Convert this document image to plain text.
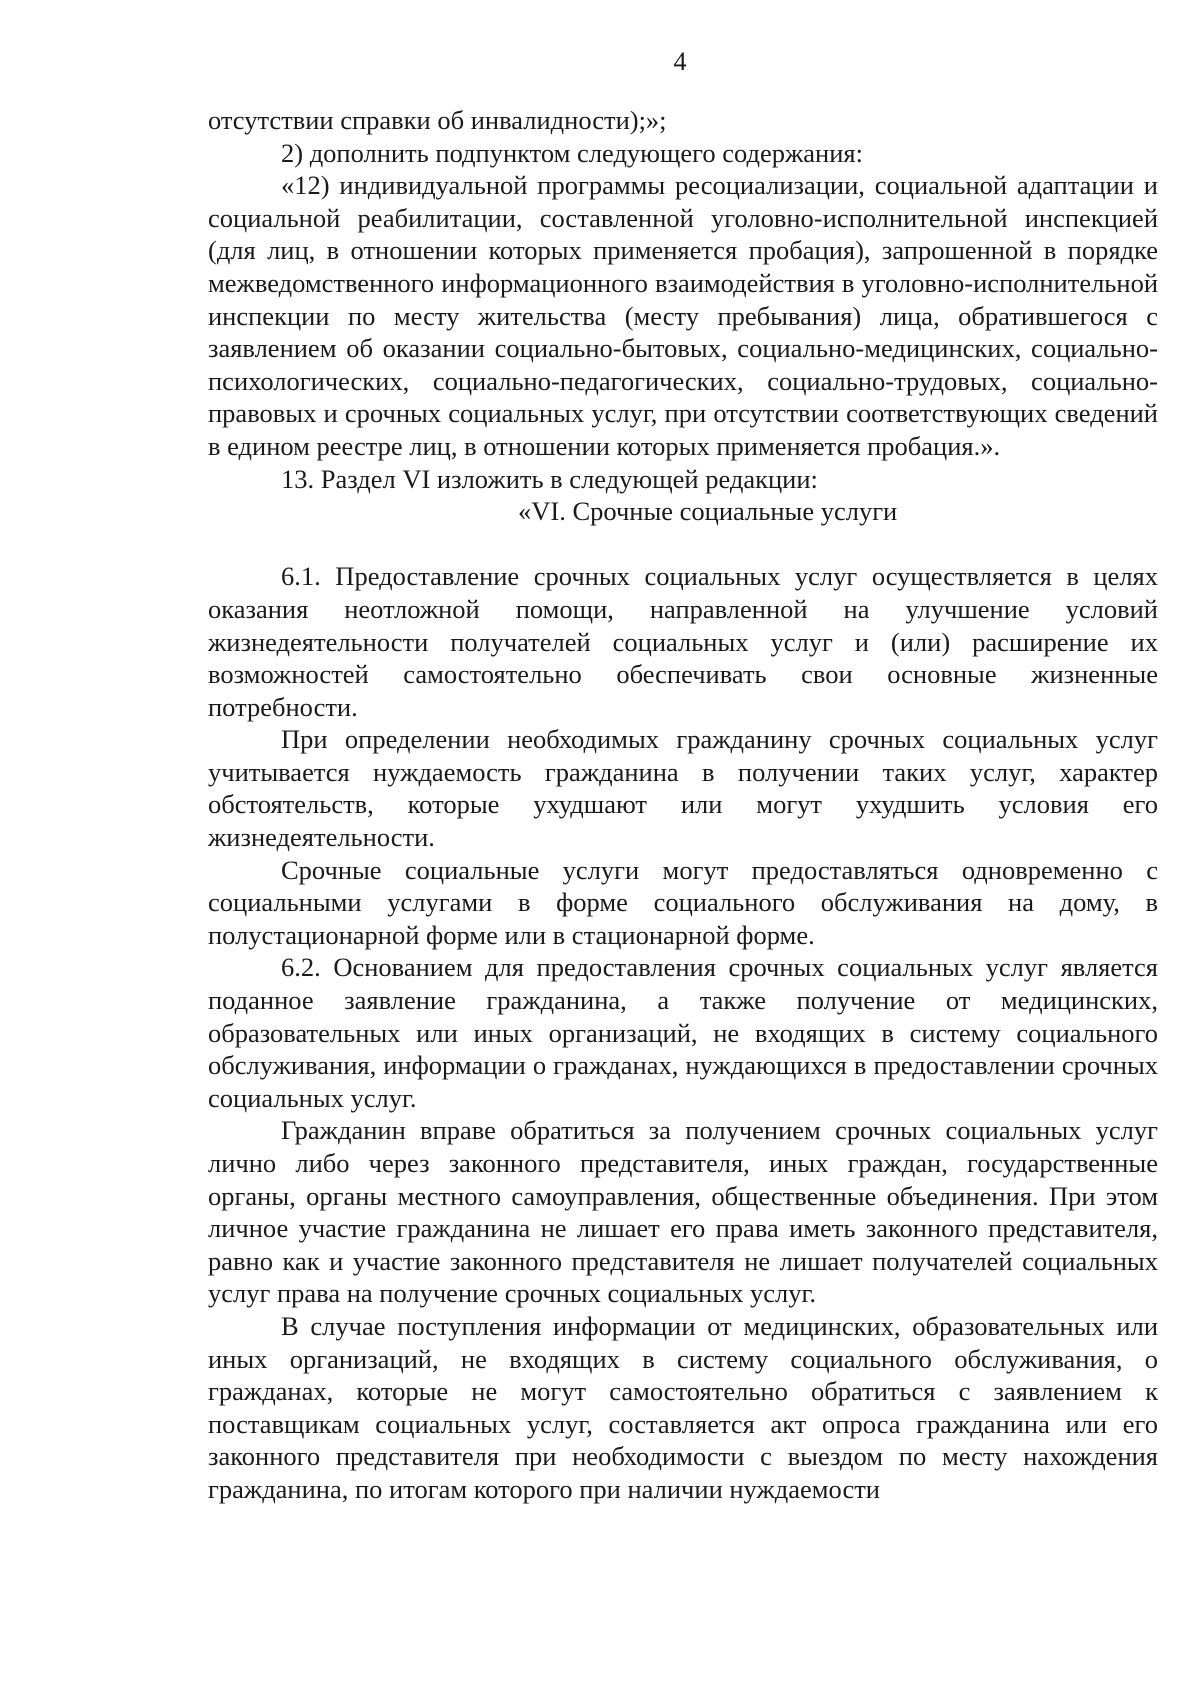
4

отсутствии справки об инвалидности);»;

2) дополнить подпунктом следующего содержания:

«12) индивидуальной программы ресоциализации, социальной адаптации и социальной реабилитации, составленной уголовно-исполнительной инспекцией (для лиц, в отношении которых применяется пробация), запрошенной в порядке межведомственного информационного взаимодействия в уголовно-исполнительной инспекции по месту жительства (месту пребывания) лица, обратившегося с заявлением об оказании социально-бытовых, социально-медицинских, социально-психологических, социально-педагогических, социально-трудовых, социально-правовых и срочных социальных услуг, при отсутствии соответствующих сведений в едином реестре лиц, в отношении которых применяется пробация.».

13. Раздел VI изложить в следующей редакции:

«VI. Срочные социальные услуги

6.1. Предоставление срочных социальных услуг осуществляется в целях оказания неотложной помощи, направленной на улучшение условий жизнедеятельности получателей социальных услуг и (или) расширение их возможностей самостоятельно обеспечивать свои основные жизненные потребности.

При определении необходимых гражданину срочных социальных услуг учитывается нуждаемость гражданина в получении таких услуг, характер обстоятельств, которые ухудшают или могут ухудшить условия его жизнедеятельности.

Срочные социальные услуги могут предоставляться одновременно с социальными услугами в форме социального обслуживания на дому, в полустационарной форме или в стационарной форме.

6.2. Основанием для предоставления срочных социальных услуг является поданное заявление гражданина, а также получение от медицинских, образовательных или иных организаций, не входящих в систему социального обслуживания, информации о гражданах, нуждающихся в предоставлении срочных социальных услуг.

Гражданин вправе обратиться за получением срочных социальных услуг лично либо через законного представителя, иных граждан, государственные органы, органы местного самоуправления, общественные объединения. При этом личное участие гражданина не лишает его права иметь законного представителя, равно как и участие законного представителя не лишает получателей социальных услуг права на получение срочных социальных услуг.

В случае поступления информации от медицинских, образовательных или иных организаций, не входящих в систему социального обслуживания, о гражданах, которые не могут самостоятельно обратиться с заявлением к поставщикам социальных услуг, составляется акт опроса гражданина или его законного представителя при необходимости с выездом по месту нахождения гражданина, по итогам которого при наличии нуждаемости
